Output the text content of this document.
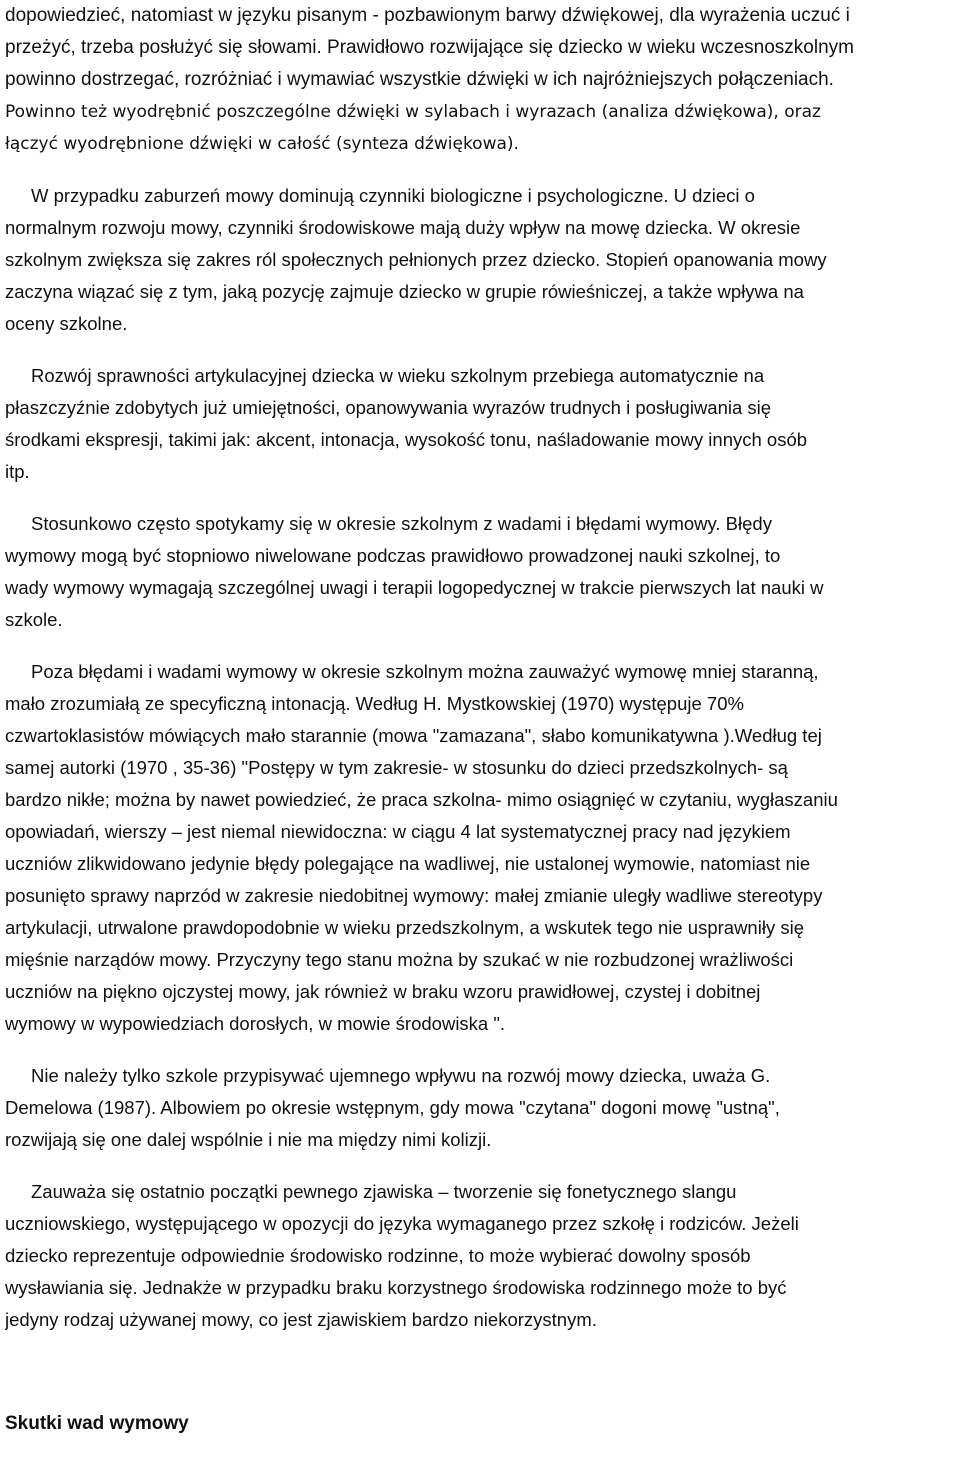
dopowiedzieć, natomiast w języku pisanym - pozbawionym barwy dźwiękowej, dla wyrażenia uczuć i
przeżyć, trzeba posłużyć się słowami. Prawidłowo rozwijające się dziecko w wieku wczesnoszkolnym
powinno dostrzegać, rozróżniać i wymawiać wszystkie dźwięki w ich najróżniejszych połączeniach.
Powinno też wyodrębnić poszczególne dźwięki w sylabach i wyrazach (analiza dźwiękowa), oraz
łączyć wyodrębnione dźwięki w całość (synteza dźwiękowa).
W przypadku zaburzeń mowy dominują czynniki biologiczne i psychologiczne. U dzieci o
normalnym rozwoju mowy, czynniki środowiskowe mają duży wpływ na mowę dziecka. W okresie
szkolnym zwiększa się zakres ról społecznych pełnionych przez dziecko. Stopień opanowania mowy
zaczyna wiązać się z tym, jaką pozycję zajmuje dziecko w grupie rówieśniczej, a także wpływa na
oceny szkolne.
Rozwój sprawności artykulacyjnej dziecka w wieku szkolnym przebiega automatycznie na
płaszczyźnie zdobytych już umiejętności, opanowywania wyrazów trudnych i posługiwania się
środkami ekspresji, takimi jak: akcent, intonacja, wysokość tonu, naśladowanie mowy innych osób
itp.
Stosunkowo często spotykamy się w okresie szkolnym z wadami i błędami wymowy. Błędy
wymowy mogą być stopniowo niwelowane podczas prawidłowo prowadzonej nauki szkolnej, to
wady wymowy wymagają szczególnej uwagi i terapii logopedycznej w trakcie pierwszych lat nauki w
szkole.
Poza błędami i wadami wymowy w okresie szkolnym można zauważyć wymowę mniej staranną,
mało zrozumiałą ze specyficzną intonacją. Według H. Mystkowskiej (1970) występuje 70%
czwartoklasistów mówiących mało starannie (mowa "zamazana", słabo komunikatywna ).Według tej
samej autorki (1970 , 35-36) "Postępy w tym zakresie- w stosunku do dzieci przedszkolnych- są
bardzo nikłe; można by nawet powiedzieć, że praca szkolna- mimo osiągnięć w czytaniu, wygłaszaniu
opowiadań, wierszy – jest niemal niewidoczna: w ciągu 4 lat systematycznej pracy nad językiem
uczniów zlikwidowano jedynie błędy polegające na wadliwej, nie ustalonej wymowie, natomiast nie
posunięto sprawy naprzód w zakresie niedobitnej wymowy: małej zmianie uległy wadliwe stereotypy
artykulacji, utrwalone prawdopodobnie w wieku przedszkolnym, a wskutek tego nie usprawniły się
mięśnie narządów mowy. Przyczyny tego stanu można by szukać w nie rozbudzonej wrażliwości
uczniów na piękno ojczystej mowy, jak również w braku wzoru prawidłowej, czystej i dobitnej
wymowy w wypowiedziach dorosłych, w mowie środowiska ".
Nie należy tylko szkole przypisywać ujemnego wpływu na rozwój mowy dziecka, uważa G.
Demelowa (1987). Albowiem po okresie wstępnym, gdy mowa "czytana" dogoni mowę "ustną",
rozwijają się one dalej wspólnie i nie ma między nimi kolizji.
Zauważa się ostatnio początki pewnego zjawiska – tworzenie się fonetycznego slangu
uczniowskiego, występującego w opozycji do języka wymaganego przez szkołę i rodziców. Jeżeli
dziecko reprezentuje odpowiednie środowisko rodzinne, to może wybierać dowolny sposób
wysławiania się. Jednakże w przypadku braku korzystnego środowiska rodzinnego może to być
jedyny rodzaj używanej mowy, co jest zjawiskiem bardzo niekorzystnym.
Skutki wad wymowy
